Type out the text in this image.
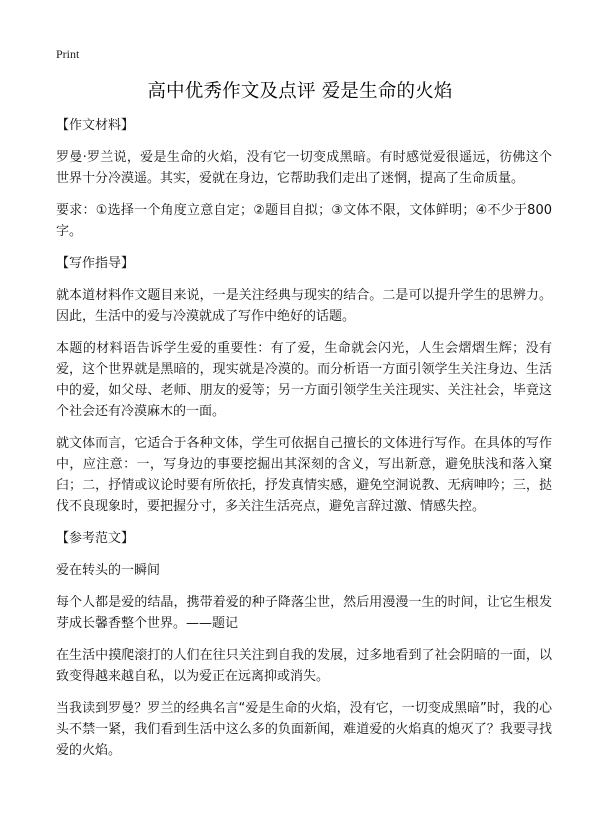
Print
高中优秀作文及点评 爱是生命的火焰
【作文材料】

罗曼·罗兰说，爱是生命的火焰，没有它一切变成黑暗。有时感觉爱很遥远，彷佛这个世界十分冷漠遥。其实，爱就在身边，它帮助我们走出了迷惘，提高了生命质量。

要求：①选择一个角度立意自定；②题目自拟；③文体不限，文体鲜明；④不少于800字。

【写作指导】

就本道材料作文题目来说，一是关注经典与现实的结合。二是可以提升学生的思辨力。因此，生活中的爱与冷漠就成了写作中绝好的话题。

本题的材料语告诉学生爱的重要性：有了爱，生命就会闪光，人生会熠熠生辉；没有爱，这个世界就是黑暗的，现实就是冷漠的。而分析语一方面引领学生关注身边、生活中的爱，如父母、老师、朋友的爱等；另一方面引领学生关注现实、关注社会，毕竟这个社会还有冷漠麻木的一面。

就文体而言，它适合于各种文体，学生可依据自己擅长的文体进行写作。在具体的写作中，应注意：一，写身边的事要挖掘出其深刻的含义，写出新意，避免肤浅和落入窠臼；二，抒情或议论时要有所依托，抒发真情实感，避免空洞说教、无病呻吟；三，挞伐不良现象时，要把握分寸，多关注生活亮点，避免言辞过激、情感失控。

【参考范文】

爱在转头的一瞬间

每个人都是爱的结晶，携带着爱的种子降落尘世，然后用漫漫一生的时间，让它生根发芽成长馨香整个世界。——题记

在生活中摸爬滚打的人们在往只关注到自我的发展，过多地看到了社会阴暗的一面，以致变得越来越自私，以为爱正在远离抑或消失。

当我读到罗曼？罗兰的经典名言“爱是生命的火焰，没有它，一切变成黑暗”时，我的心头不禁一紧，我们看到生活中这么多的负面新闻，难道爱的火焰真的熄灭了？我要寻找爱的火焰。
